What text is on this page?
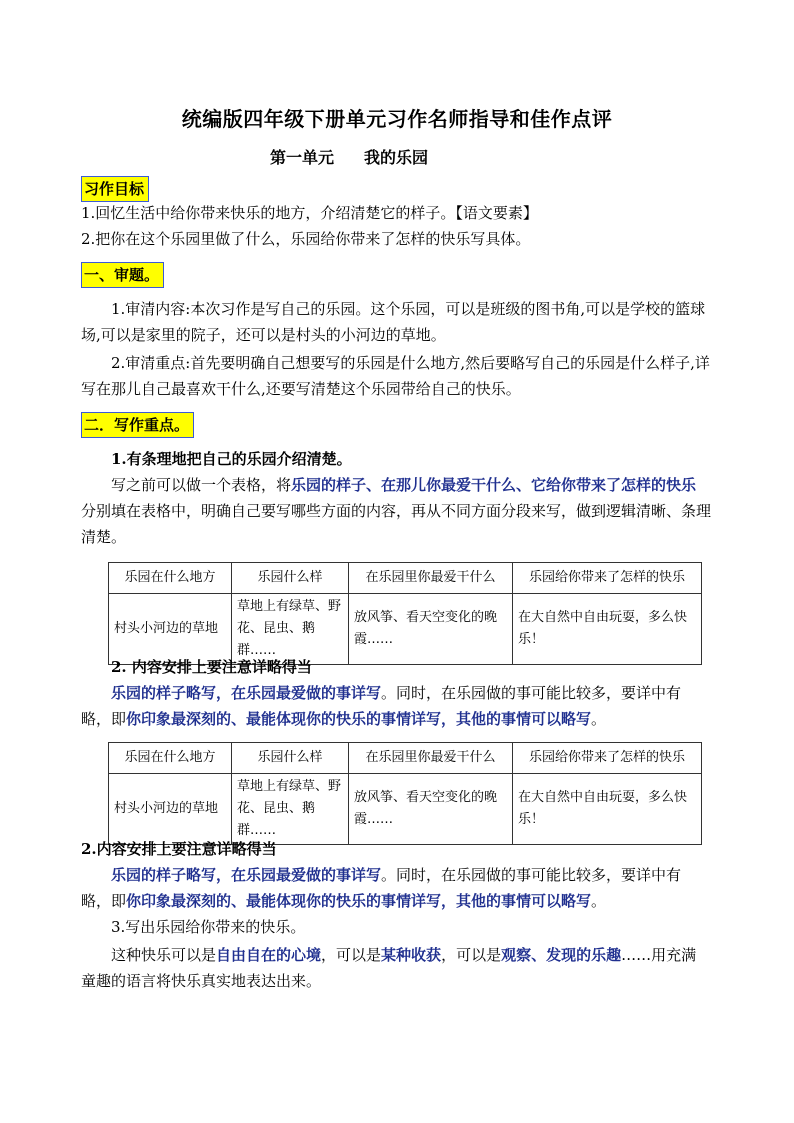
统编版四年级下册单元习作名师指导和佳作点评
第一单元 我的乐园
习作目标
1.回忆生活中给你带来快乐的地方，介绍清楚它的样子。【语文要素】
2.把你在这个乐园里做了什么，乐园给你带来了怎样的快乐写具体。
一、审题。
1.审清内容:本次习作是写自己的乐园。这个乐园，可以是班级的图书角,可以是学校的篮球场,可以是家里的院子，还可以是村头的小河边的草地。
2.审清重点:首先要明确自己想要写的乐园是什么地方,然后要略写自己的乐园是什么样子,详写在那儿自己最喜欢干什么,还要写清楚这个乐园带给自己的快乐。
二．写作重点。
1.有条理地把自己的乐园介绍清楚。
写之前可以做一个表格，将乐园的样子、在那儿你最爱干什么、它给你带来了怎样的快乐分别填在表格中，明确自己要写哪些方面的内容，再从不同方面分段来写，做到逻辑清晰、条理清楚。
乐园在什么地方	乐园什么样	在乐园里你最爱干什么	乐园给你带来了怎样的快乐
村头小河边的草地	草地上有绿草、野花、昆虫、鹅群……	放风筝、看天空变化的晚霞……	在大自然中自由玩耍，多么快乐！
2. 内容安排上要注意详略得当
乐园的样子略写，在乐园最爱做的事详写。同时，在乐园做的事可能比较多，要详中有略，即你印象最深刻的、最能体现你的快乐的事情详写，其他的事情可以略写。
乐园在什么地方	乐园什么样	在乐园里你最爱干什么	乐园给你带来了怎样的快乐
村头小河边的草地	草地上有绿草、野花、昆虫、鹅群……	放风筝、看天空变化的晚霞……	在大自然中自由玩耍，多么快乐！
2.内容安排上要注意详略得当
乐园的样子略写，在乐园最爱做的事详写。同时，在乐园做的事可能比较多，要详中有略，即你印象最深刻的、最能体现你的快乐的事情详写，其他的事情可以略写。
3.写出乐园给你带来的快乐。
这种快乐可以是自由自在的心境，可以是某种收获，可以是观察、发现的乐趣……用充满童趣的语言将快乐真实地表达出来。
